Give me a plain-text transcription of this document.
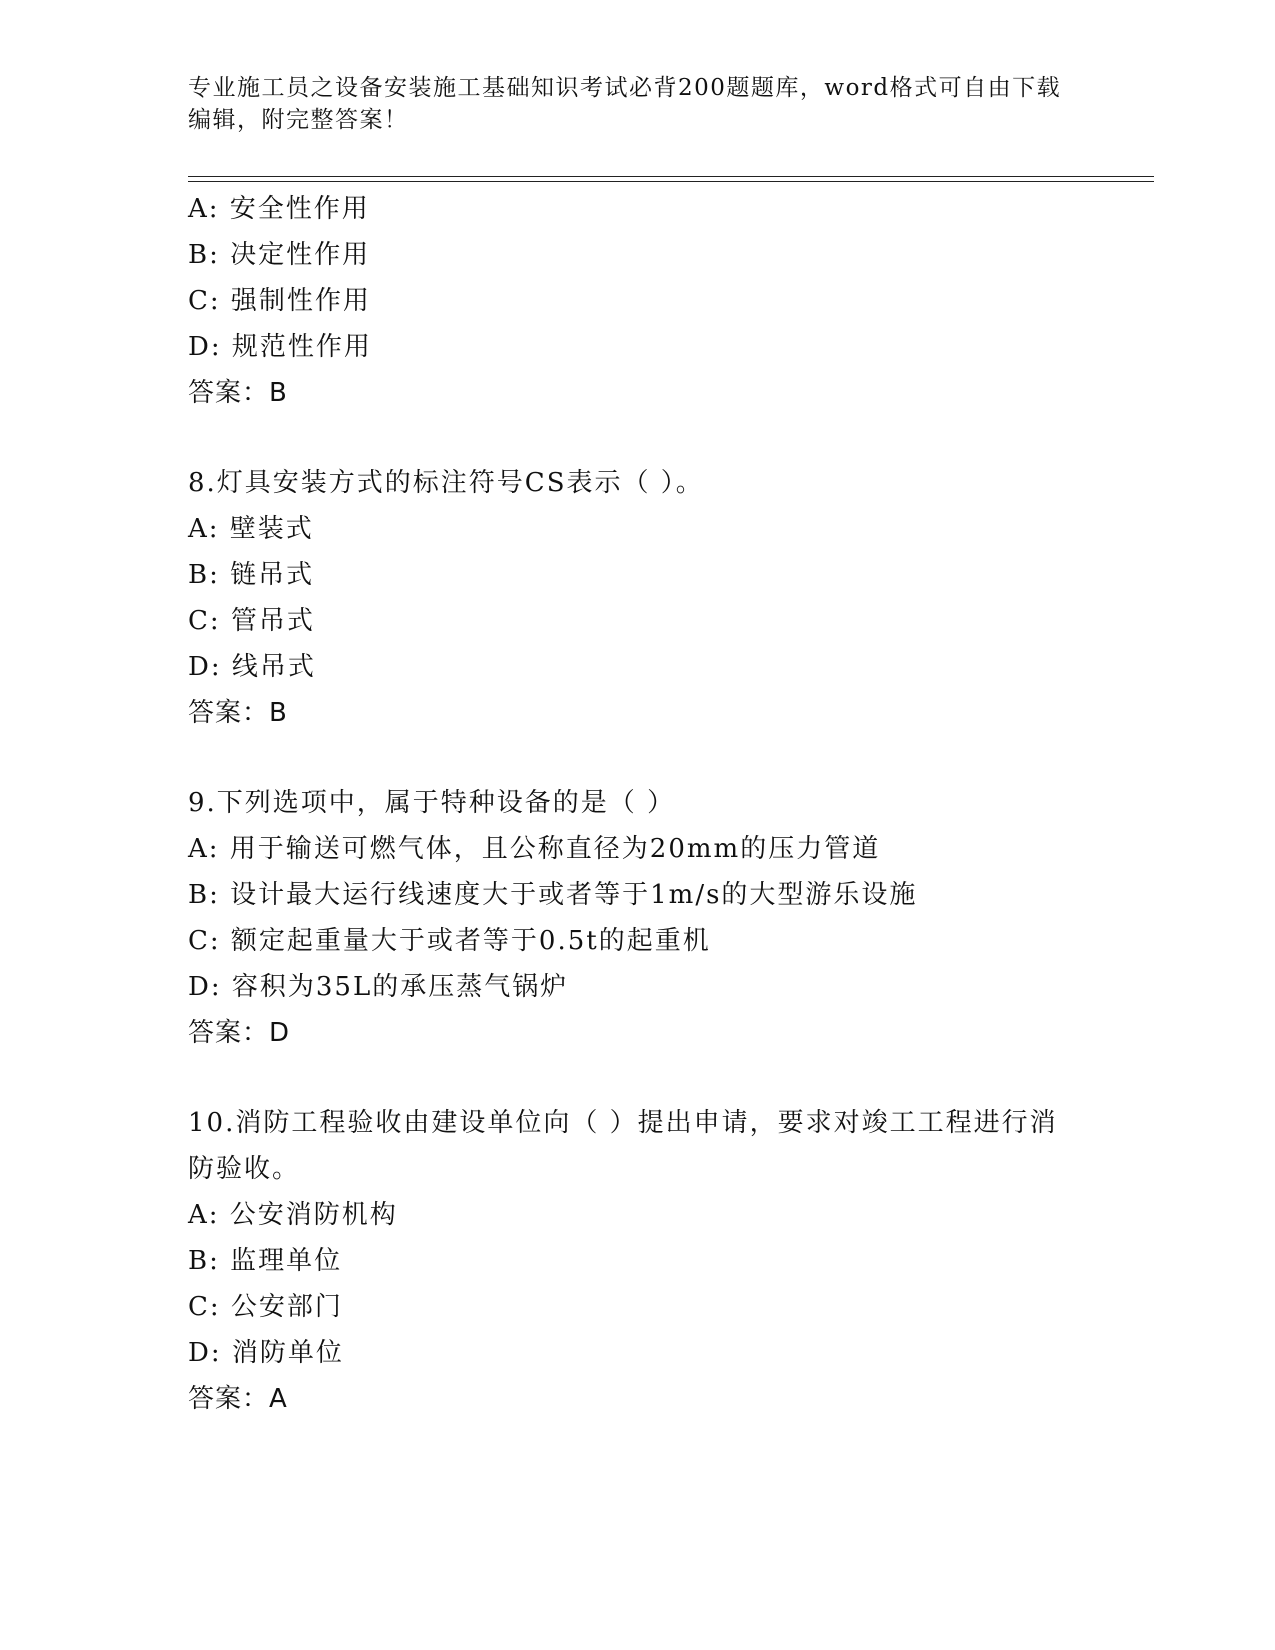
专业施工员之设备安装施工基础知识考试必背200题题库，word格式可自由下载编辑，附完整答案！
A: 安全性作用
B: 决定性作用
C: 强制性作用
D: 规范性作用
答案：B
8.灯具安装方式的标注符号CS表示（ ）。
A: 壁装式
B: 链吊式
C: 管吊式
D: 线吊式
答案：B
9.下列选项中，属于特种设备的是（ ）
A: 用于输送可燃气体，且公称直径为20mm的压力管道
B: 设计最大运行线速度大于或者等于1m/s的大型游乐设施
C: 额定起重量大于或者等于0.5t的起重机
D: 容积为35L的承压蒸气锅炉
答案：D
10.消防工程验收由建设单位向（ ）提出申请，要求对竣工工程进行消防验收。
A: 公安消防机构
B: 监理单位
C: 公安部门
D: 消防单位
答案：A
